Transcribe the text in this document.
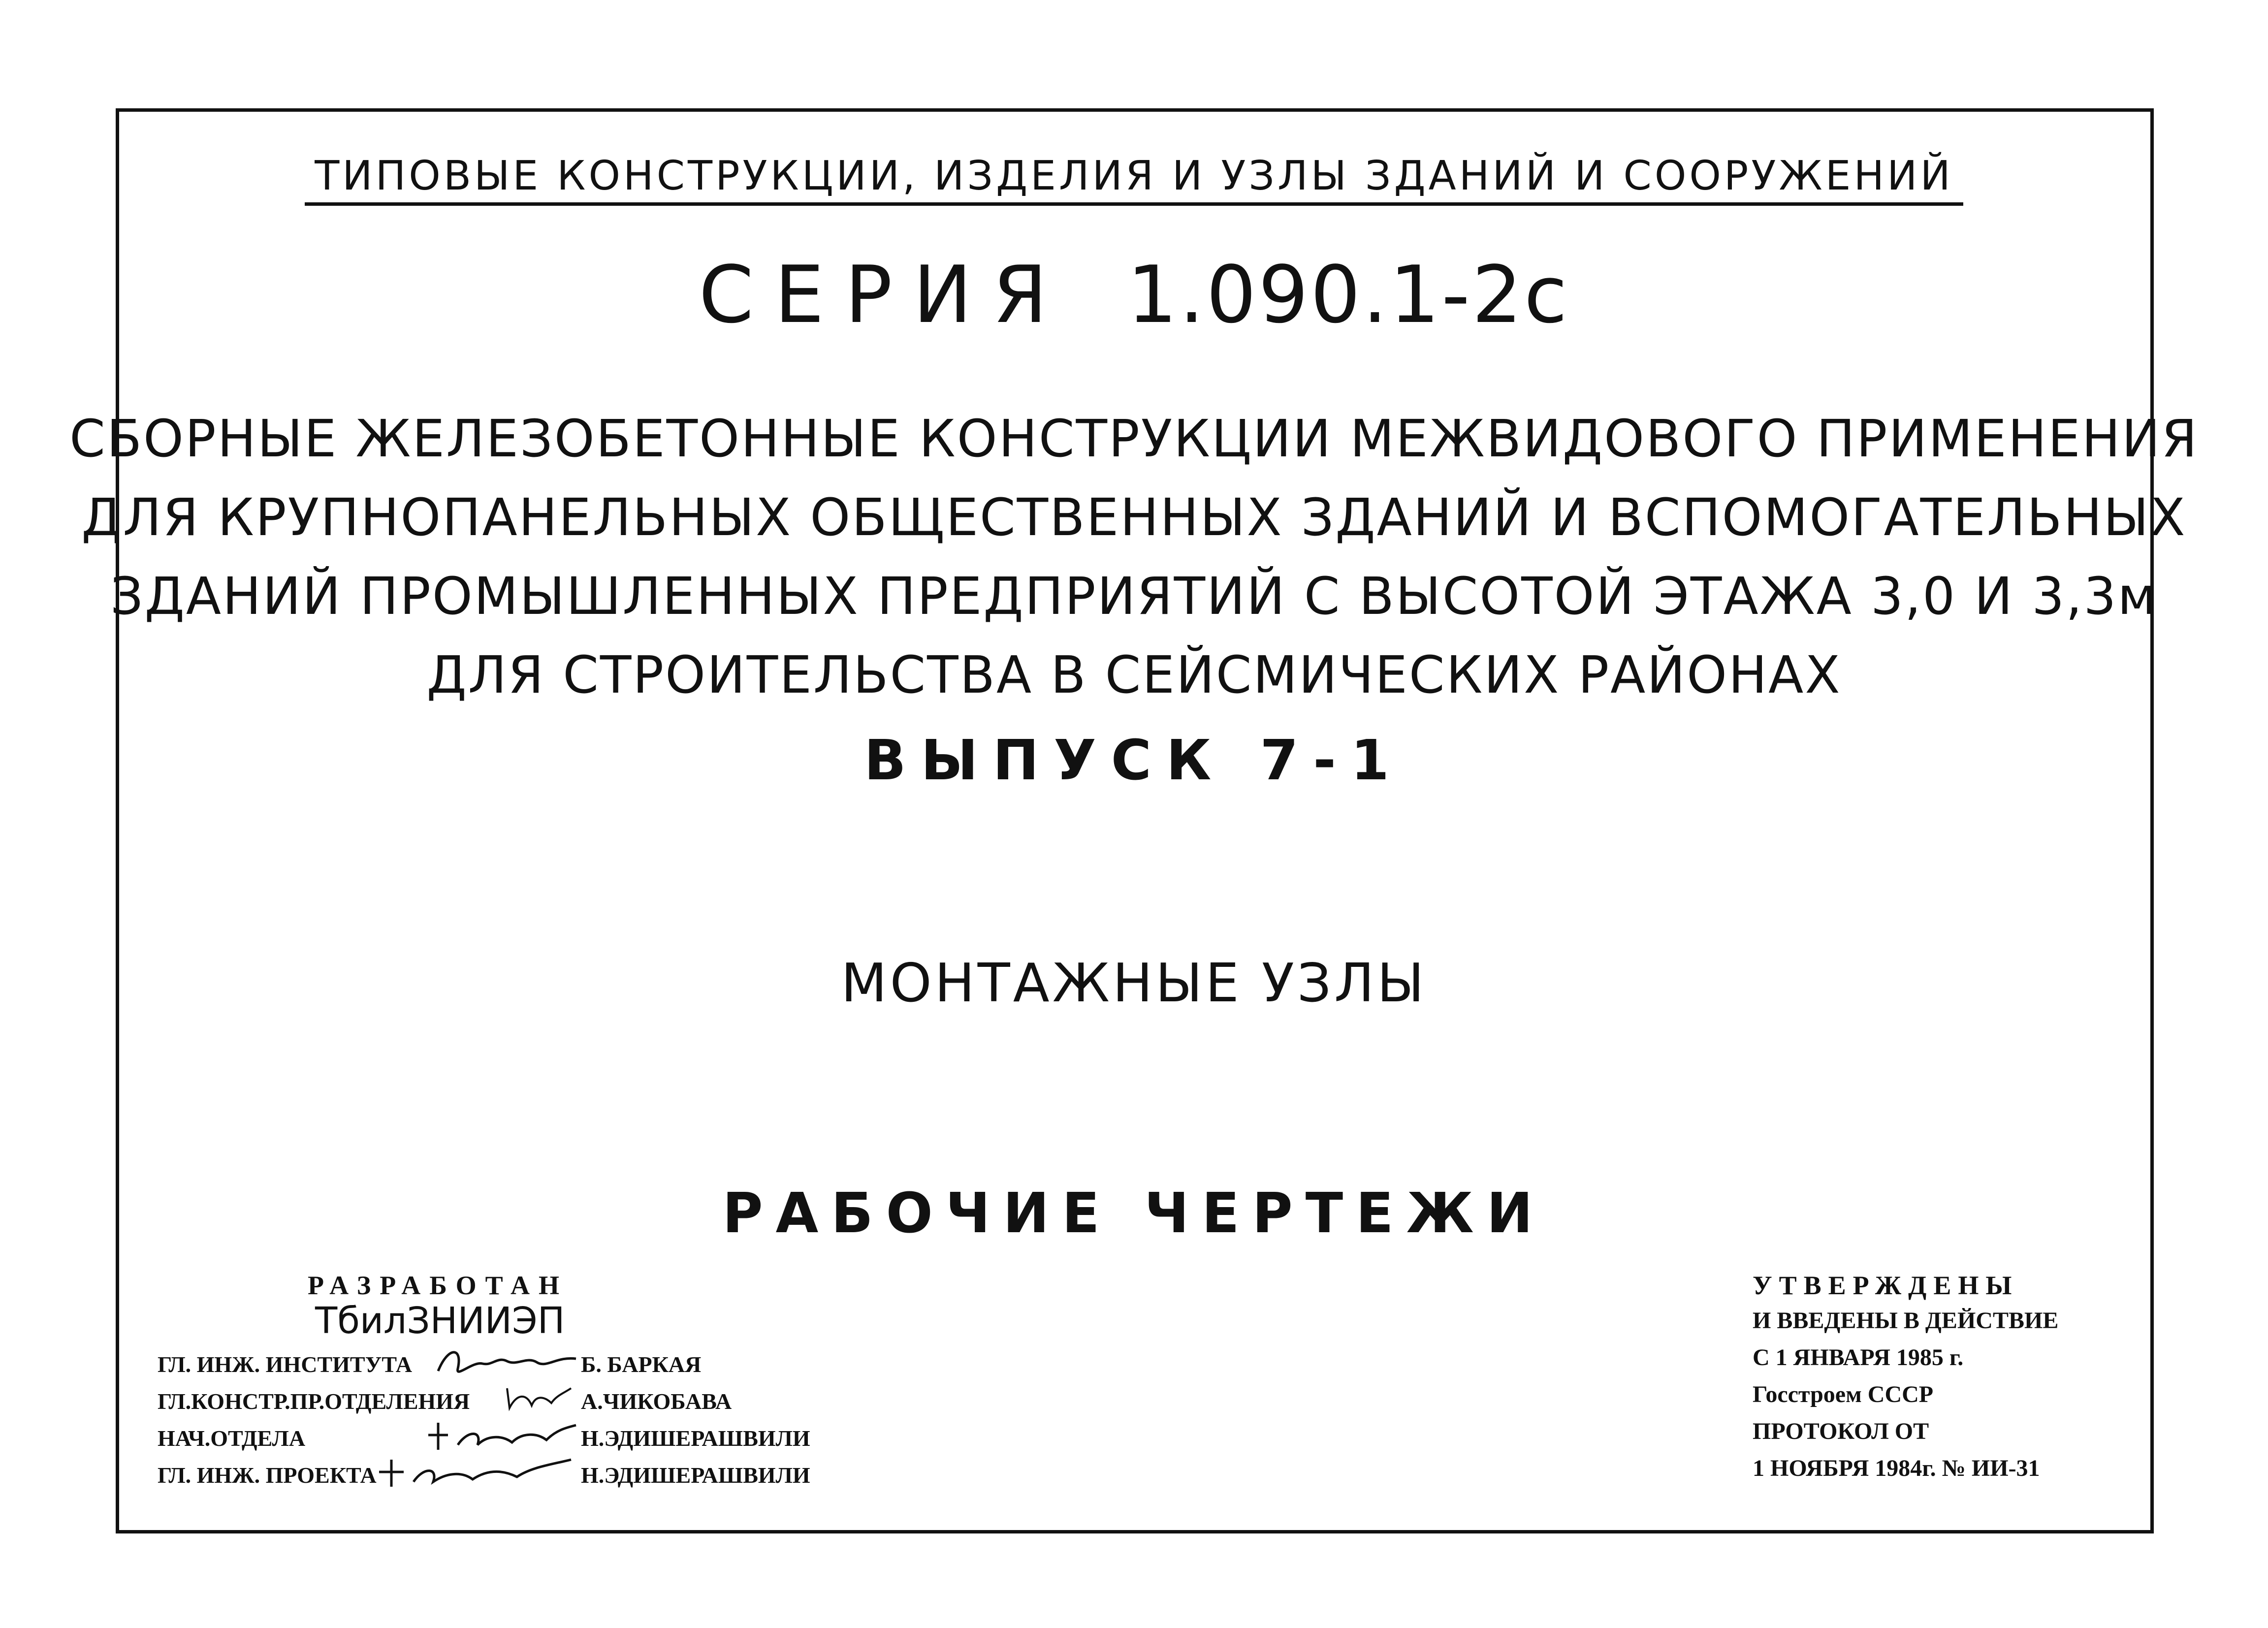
ТИПОВЫЕ КОНСТРУКЦИИ, ИЗДЕЛИЯ И УЗЛЫ ЗДАНИЙ И СООРУЖЕНИЙ
СЕРИЯ 1.090.1-2с
СБОРНЫЕ ЖЕЛЕЗОБЕТОННЫЕ КОНСТРУКЦИИ МЕЖВИДОВОГО ПРИМЕНЕНИЯ
ДЛЯ КРУПНОПАНЕЛЬНЫХ ОБЩЕСТВЕННЫХ ЗДАНИЙ И ВСПОМОГАТЕЛЬНЫХ
ЗДАНИЙ ПРОМЫШЛЕННЫХ ПРЕДПРИЯТИЙ С ВЫСОТОЙ ЭТАЖА 3,0 И 3,3м
ДЛЯ СТРОИТЕЛЬСТВА В СЕЙСМИЧЕСКИХ РАЙОНАХ
ВЫПУСК 7-1
МОНТАЖНЫЕ УЗЛЫ
РАБОЧИЕ ЧЕРТЕЖИ
РАЗРАБОТАН
ТбилЗНИИЭП
ГЛ. ИНЖ. ИНСТИТУТА	Б. БАРКАЯ
ГЛ.КОНСТР.ПР.ОТДЕЛЕНИЯ	А.ЧИКОБАВА
НАЧ.ОТДЕЛА	Н.ЭДИШЕРАШВИЛИ
ГЛ. ИНЖ. ПРОЕКТА	Н.ЭДИШЕРАШВИЛИ
УТВЕРЖДЕНЫ
И ВВЕДЕНЫ В ДЕЙСТВИЕ
С 1 ЯНВАРЯ 1985 г.
Госстроем СССР
ПРОТОКОЛ ОТ
1 НОЯБРЯ 1984г. № ИИ-31
